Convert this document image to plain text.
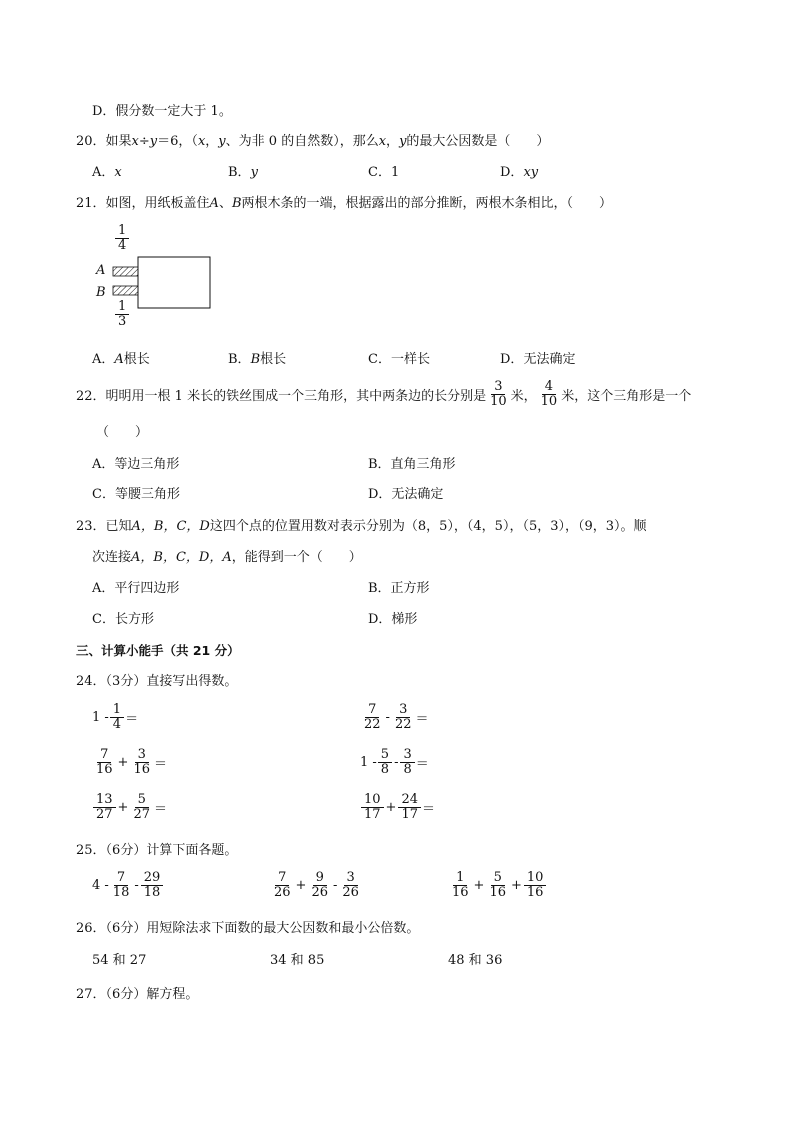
D．假分数一定大于 1。
20．如果x÷y＝6，（x，y、为非 0 的自然数），那么x，y的最大公因数是（　　）
A．x	B．y	C．1	D．xy
21．如图，用纸板盖住A、B两根木条的一端，根据露出的部分推断，两根木条相比，（　　）
$\frac{1}{4}$
A
B
$\frac{1}{3}$
A．A根长	B．B根长	C．一样长	D．无法确定
22．明明用一根 1 米长的铁丝围成一个三角形，其中两条边的长分别是 $\frac{3}{10}$ 米， $\frac{4}{10}$ 米，这个三角形是一个
（　　）
A．等边三角形	B．直角三角形
C．等腰三角形	D．无法确定
23．已知A，B，C，D这四个点的位置用数对表示分别为（8，5），（4，5），（5，3），（9，3）。顺
次连接A，B，C，D，A，能得到一个（　　）
A．平行四边形	B．正方形
C．长方形	D．梯形
三、计算小能手（共 21 分）
24．（3分）直接写出得数。
$1 - \frac{1}{4}$ ＝	$\frac{7}{22} - \frac{3}{22}$ ＝
$\frac{7}{16} + \frac{3}{16}$ ＝	$1 - \frac{5}{8} - \frac{3}{8}$ ＝
$\frac{13}{27} + \frac{5}{27}$ ＝	$\frac{10}{17} + \frac{24}{17}$ ＝
25．（6分）计算下面各题。
$4 - \frac{7}{18} - \frac{29}{18}$	$\frac{7}{26} + \frac{9}{26} - \frac{3}{26}$	$\frac{1}{16} + \frac{5}{16} + \frac{10}{16}$
26．（6分）用短除法求下面数的最大公因数和最小公倍数。
54 和 27	34 和 85	48 和 36
27．（6分）解方程。
